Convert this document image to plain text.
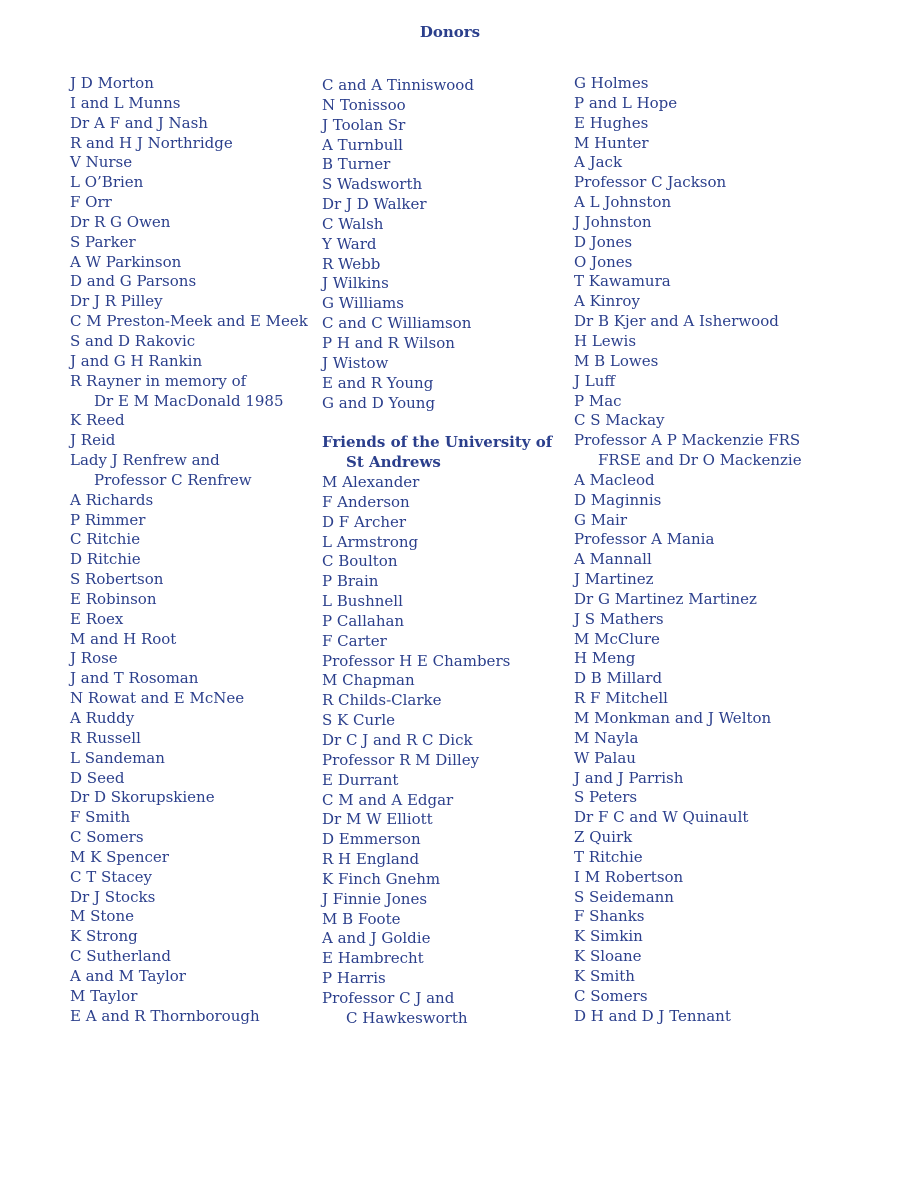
Donors
J D Morton
I and L Munns
Dr A F and J Nash
R and H J Northridge
V Nurse
L O’Brien
F Orr
Dr R G Owen
S Parker
A W Parkinson
D and G Parsons
Dr J R Pilley
C M Preston-Meek and E Meek
S and D Rakovic
J and G H Rankin
R Rayner in memory of
Dr E M MacDonald 1985
K Reed
J Reid
Lady J Renfrew and
Professor C Renfrew
A Richards
P Rimmer
C Ritchie
D Ritchie
S Robertson
E Robinson
E Roex
M and H Root
J Rose
J and T Rosoman
N Rowat and E McNee
A Ruddy
R Russell
L Sandeman
D Seed
Dr D Skorupskiene
F Smith
C Somers
M K Spencer
C T Stacey
Dr J Stocks
M Stone
K Strong
C Sutherland
A and M Taylor
M Taylor
E A and R Thornborough
C and A Tinniswood
N Tonissoo
J Toolan Sr
A Turnbull
B Turner
S Wadsworth
Dr J D Walker
C Walsh
Y Ward
R Webb
J Wilkins
G Williams
C and C Williamson
P H and R Wilson
J Wistow
E and R Young
G and D Young
Friends of the University of
St Andrews
M Alexander
F Anderson
D F Archer
L Armstrong
C Boulton
P Brain
L Bushnell
P Callahan
F Carter
Professor H E Chambers
M Chapman
R Childs-Clarke
S K Curle
Dr C J and R C Dick
Professor R M Dilley
E Durrant
C M and A Edgar
Dr M W Elliott
D Emmerson
R H England
K Finch Gnehm
J Finnie Jones
M B Foote
A and J Goldie
E Hambrecht
P Harris
Professor C J and
C Hawkesworth
G Holmes
P and L Hope
E Hughes
M Hunter
A Jack
Professor C Jackson
A L Johnston
J Johnston
D Jones
O Jones
T Kawamura
A Kinroy
Dr B Kjer and A Isherwood
H Lewis
M B Lowes
J Luff
P Mac
C S Mackay
Professor A P Mackenzie FRS
FRSE and Dr O Mackenzie
A Macleod
D Maginnis
G Mair
Professor A Mania
A Mannall
J Martinez
Dr G Martinez Martinez
J S Mathers
M McClure
H Meng
D B Millard
R F Mitchell
M Monkman and J Welton
M Nayla
W Palau
J and J Parrish
S Peters
Dr F C and W Quinault
Z Quirk
T Ritchie
I M Robertson
S Seidemann
F Shanks
K Simkin
K Sloane
K Smith
C Somers
D H and D J Tennant
